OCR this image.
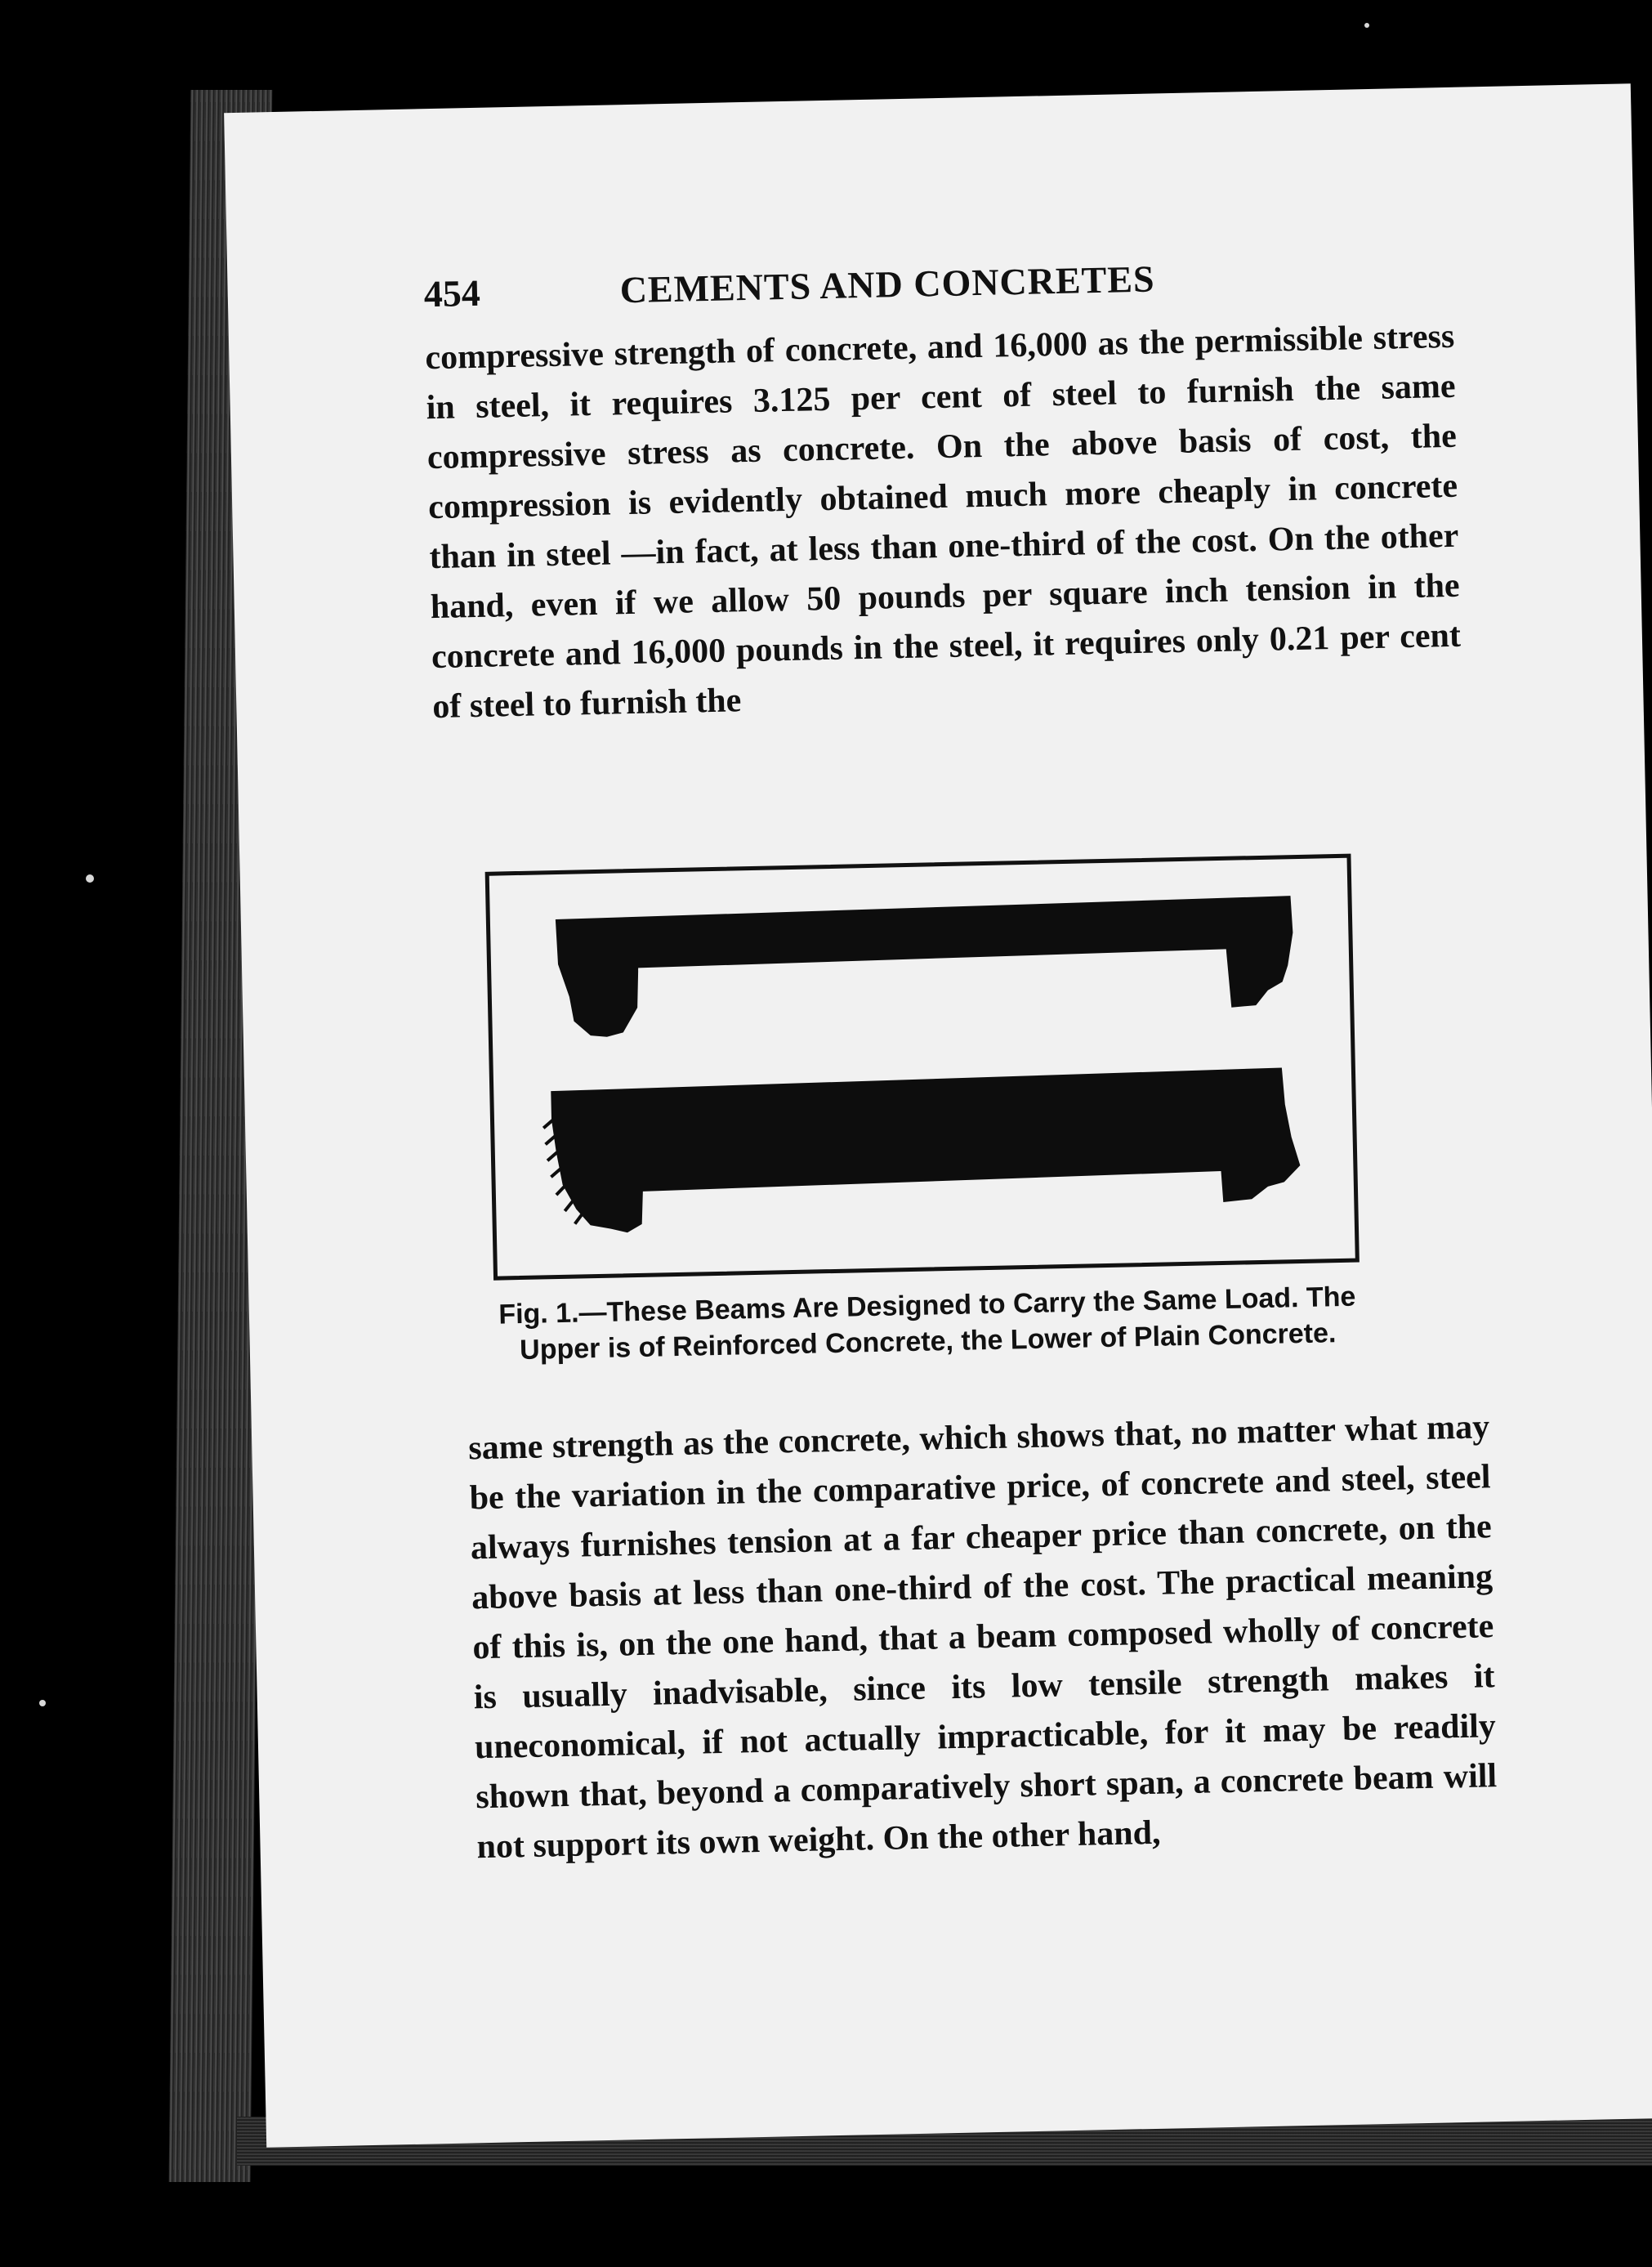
454	CEMENTS AND CONCRETES

compressive strength of concrete, and 16,000 as the permissible stress in steel, it requires 3.125 per cent of steel to furnish the same compressive stress as concrete. On the above basis of cost, the compression is evidently obtained much more cheaply in concrete than in steel —in fact, at less than one-third of the cost. On the other hand, even if we allow 50 pounds per square inch tension in the concrete and 16,000 pounds in the steel, it requires only 0.21 per cent of steel to furnish the

Fig. 1.—These Beams Are Designed to Carry the Same Load. The Upper is of Reinforced Concrete, the Lower of Plain Concrete.

same strength as the concrete, which shows that, no matter what may be the variation in the comparative price, of concrete and steel, steel always furnishes tension at a far cheaper price than concrete, on the above basis at less than one-third of the cost. The practical meaning of this is, on the one hand, that a beam composed wholly of concrete is usually inadvisable, since its low tensile strength makes it uneconomical, if not actually impracticable, for it may be readily shown that, beyond a comparatively short span, a concrete beam will not support its own weight. On the other hand,
